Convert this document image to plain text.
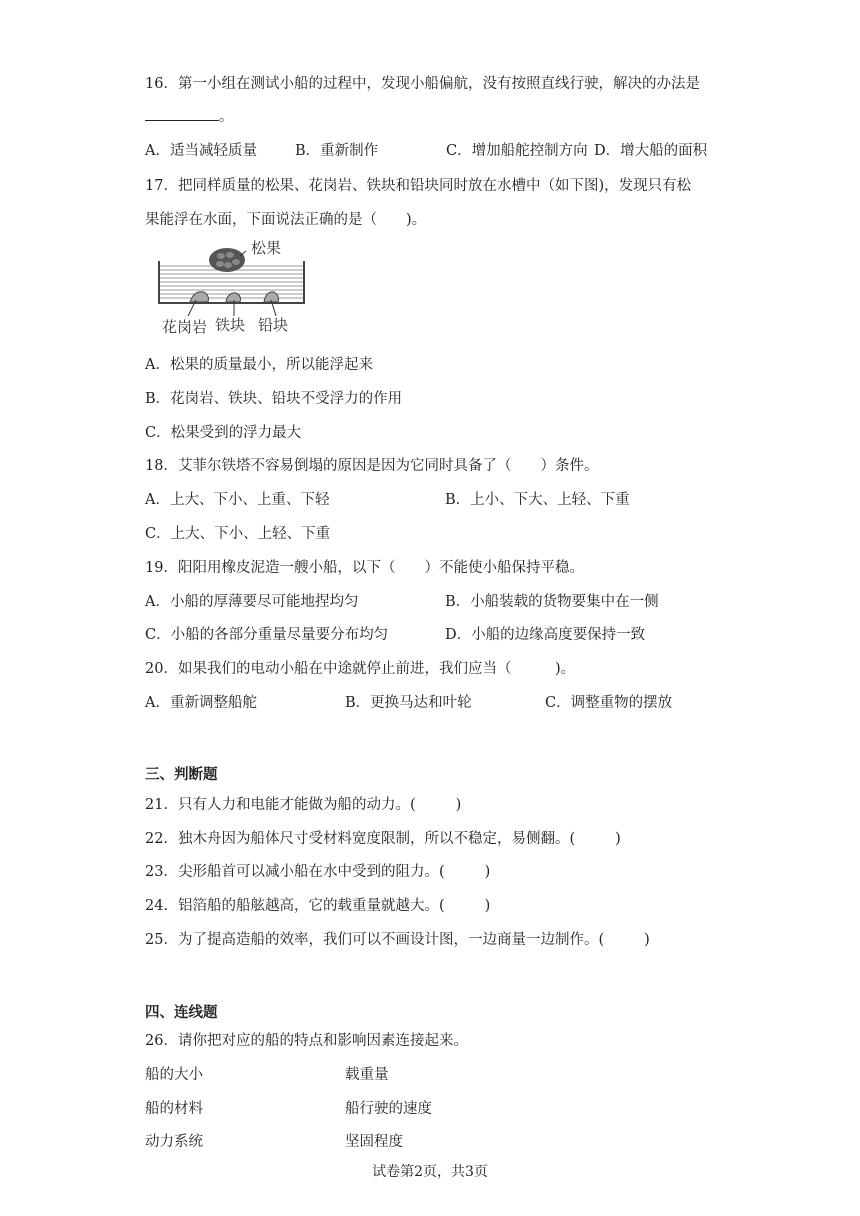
16．第一小组在测试小船的过程中，发现小船偏航，没有按照直线行驶，解决的办法是
。
A．适当减轻质量	B．重新制作	C．增加船舵控制方向 D．增大船的面积
17．把同样质量的松果、花岗岩、铁块和铅块同时放在水槽中（如下图)，发现只有松
果能浮在水面，下面说法正确的是（　　)。
松果
花岗岩 铁块 铅块
A．松果的质量最小，所以能浮起来
B．花岗岩、铁块、铅块不受浮力的作用
C．松果受到的浮力最大
18．艾菲尔铁塔不容易倒塌的原因是因为它同时具备了（　　）条件。
A．上大、下小、上重、下轻	B．上小、下大、上轻、下重
C．上大、下小、上轻、下重
19．阳阳用橡皮泥造一艘小船，以下（　　）不能使小船保持平稳。
A．小船的厚薄要尽可能地捏均匀	B．小船装载的货物要集中在一侧
C．小船的各部分重量尽量要分布均匀	D．小船的边缘高度要保持一致
20．如果我们的电动小船在中途就停止前进，我们应当（　　　)。
A．重新调整船舵	B．更换马达和叶轮	C．调整重物的摆放
三、判断题
21．只有人力和电能才能做为船的动力。(	)
22．独木舟因为船体尺寸受材料宽度限制，所以不稳定，易侧翻。(	)
23．尖形船首可以减小船在水中受到的阻力。(	)
24．铝箔船的船舷越高，它的载重量就越大。(	)
25．为了提高造船的效率，我们可以不画设计图，一边商量一边制作。(	)
四、连线题
26．请你把对应的船的特点和影响因素连接起来。
船的大小	载重量
船的材料	船行驶的速度
动力系统	坚固程度
试卷第2页，共3页
